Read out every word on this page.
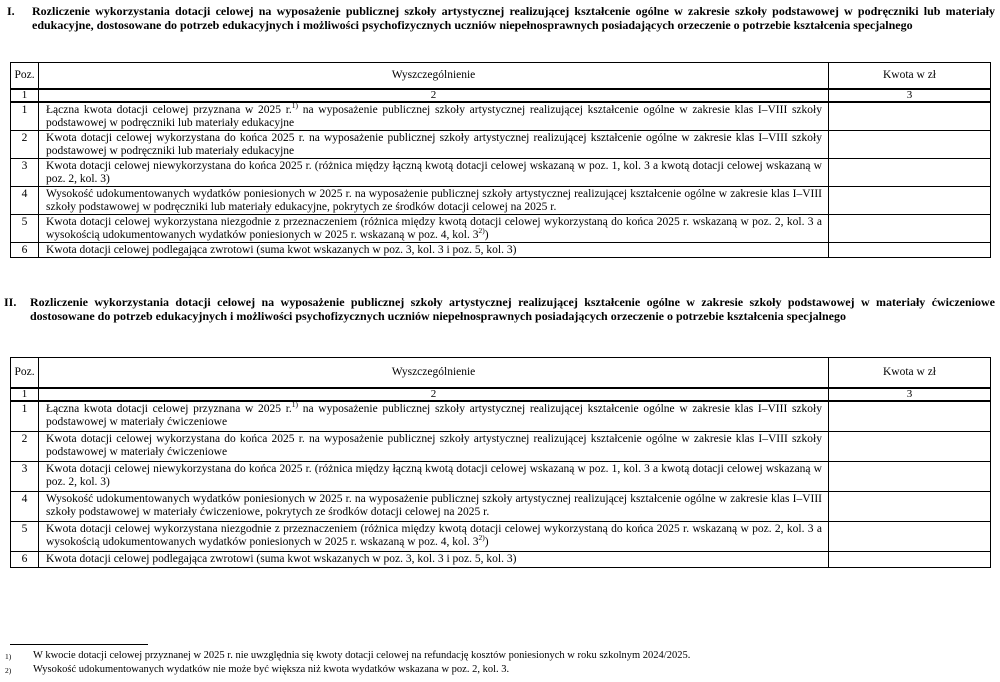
I.	Rozliczenie wykorzystania dotacji celowej na wyposażenie publicznej szkoły artystycznej realizującej kształcenie ogólne w zakresie szkoły podstawowej w podręczniki lub materiały edukacyjne, dostosowane do potrzeb edukacyjnych i możliwości psychofizycznych uczniów niepełnosprawnych posiadających orzeczenie o potrzebie kształcenia specjalnego
Poz.	Wyszczególnienie	Kwota w zł
1	2	3
1	Łączna kwota dotacji celowej przyznana w 2025 r.$^{1)}$ na wyposażenie publicznej szkoły artystycznej realizującej kształcenie ogólne w zakresie klas I–VIII szkoły podstawowej w podręczniki lub materiały edukacyjne	
2	Kwota dotacji celowej wykorzystana do końca 2025 r. na wyposażenie publicznej szkoły artystycznej realizującej kształcenie ogólne w zakresie klas I–VIII szkoły podstawowej w podręczniki lub materiały edukacyjne	
3	Kwota dotacji celowej niewykorzystana do końca 2025 r. (różnica między łączną kwotą dotacji celowej wskazaną w poz. 1, kol. 3 a kwotą dotacji celowej wskazaną w poz. 2, kol. 3)	
4	Wysokość udokumentowanych wydatków poniesionych w 2025 r. na wyposażenie publicznej szkoły artystycznej realizującej kształcenie ogólne w zakresie klas I–VIII szkoły podstawowej w podręczniki lub materiały edukacyjne, pokrytych ze środków dotacji celowej na 2025 r.	
5	Kwota dotacji celowej wykorzystana niezgodnie z przeznaczeniem (różnica między kwotą dotacji celowej wykorzystaną do końca 2025 r. wskazaną w poz. 2, kol. 3 a wysokością udokumentowanych wydatków poniesionych w 2025 r. wskazaną w poz. 4, kol. 3$^{2)}$)	
6	Kwota dotacji celowej podlegająca zwrotowi (suma kwot wskazanych w poz. 3, kol. 3 i poz. 5, kol. 3)	
II.	Rozliczenie wykorzystania dotacji celowej na wyposażenie publicznej szkoły artystycznej realizującej kształcenie ogólne w zakresie szkoły podstawowej w materiały ćwiczeniowe dostosowane do potrzeb edukacyjnych i możliwości psychofizycznych uczniów niepełnosprawnych posiadających orzeczenie o potrzebie kształcenia specjalnego
Poz.	Wyszczególnienie	Kwota w zł
1	2	3
1	Łączna kwota dotacji celowej przyznana w 2025 r.$^{1)}$ na wyposażenie publicznej szkoły artystycznej realizującej kształcenie ogólne w zakresie klas I–VIII szkoły podstawowej w materiały ćwiczeniowe	
2	Kwota dotacji celowej wykorzystana do końca 2025 r. na wyposażenie publicznej szkoły artystycznej realizującej kształcenie ogólne w zakresie klas I–VIII szkoły podstawowej w materiały ćwiczeniowe	
3	Kwota dotacji celowej niewykorzystana do końca 2025 r. (różnica między łączną kwotą dotacji celowej wskazaną w poz. 1, kol. 3 a kwotą dotacji celowej wskazaną w poz. 2, kol. 3)	
4	Wysokość udokumentowanych wydatków poniesionych w 2025 r. na wyposażenie publicznej szkoły artystycznej realizującej kształcenie ogólne w zakresie klas I–VIII szkoły podstawowej w materiały ćwiczeniowe, pokrytych ze środków dotacji celowej na 2025 r.	
5	Kwota dotacji celowej wykorzystana niezgodnie z przeznaczeniem (różnica między kwotą dotacji celowej wykorzystaną do końca 2025 r. wskazaną w poz. 2, kol. 3 a wysokością udokumentowanych wydatków poniesionych w 2025 r. wskazaną w poz. 4, kol. 3$^{2)}$)	
6	Kwota dotacji celowej podlegająca zwrotowi (suma kwot wskazanych w poz. 3, kol. 3 i poz. 5, kol. 3)	
1)	W kwocie dotacji celowej przyznanej w 2025 r. nie uwzględnia się kwoty dotacji celowej na refundację kosztów poniesionych w roku szkolnym 2024/2025.
2)	Wysokość udokumentowanych wydatków nie może być większa niż kwota wydatków wskazana w poz. 2, kol. 3.
